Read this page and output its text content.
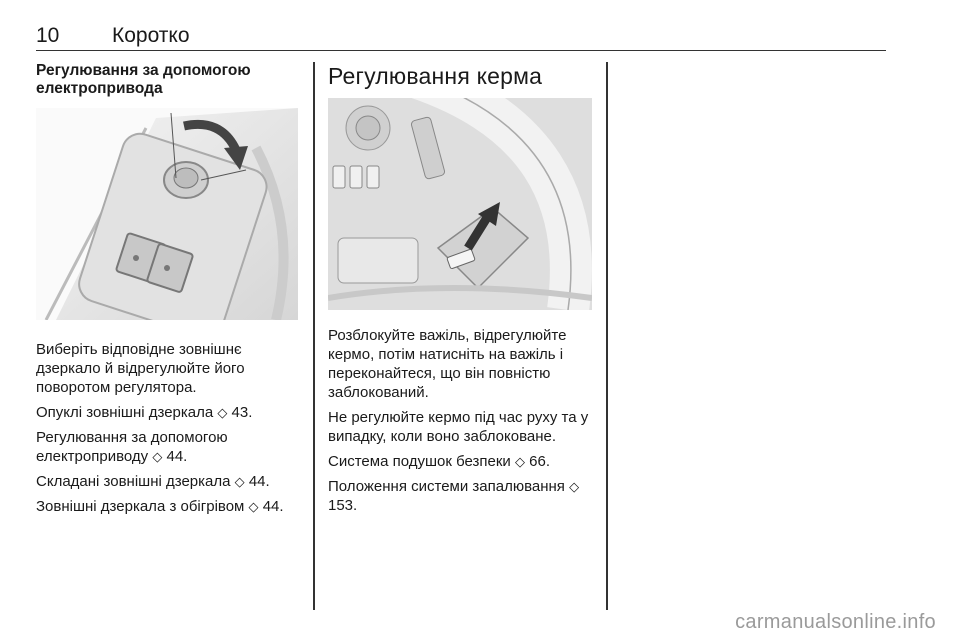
10	Коротко
Регулювання за допомогою електропривода

Виберіть відповідне зовнішнє дзеркало й відрегулюйте його поворотом регулятора.

Опуклі зовнішні дзеркала ◇ 43.

Регулювання за допомогою електроприводу ◇ 44.

Складані зовнішні дзеркала ◇ 44.

Зовнішні дзеркала з обігрівом ◇ 44.

Регулювання керма

Розблокуйте важіль, відрегулюйте кермо, потім натисніть на важіль і переконайтеся, що він повністю заблокований.

Не регулюйте кермо під час руху та у випадку, коли воно заблоковане.

Система подушок безпеки ◇ 66.

Положення системи запалювання ◇ 153.

carmanualsonline.info
